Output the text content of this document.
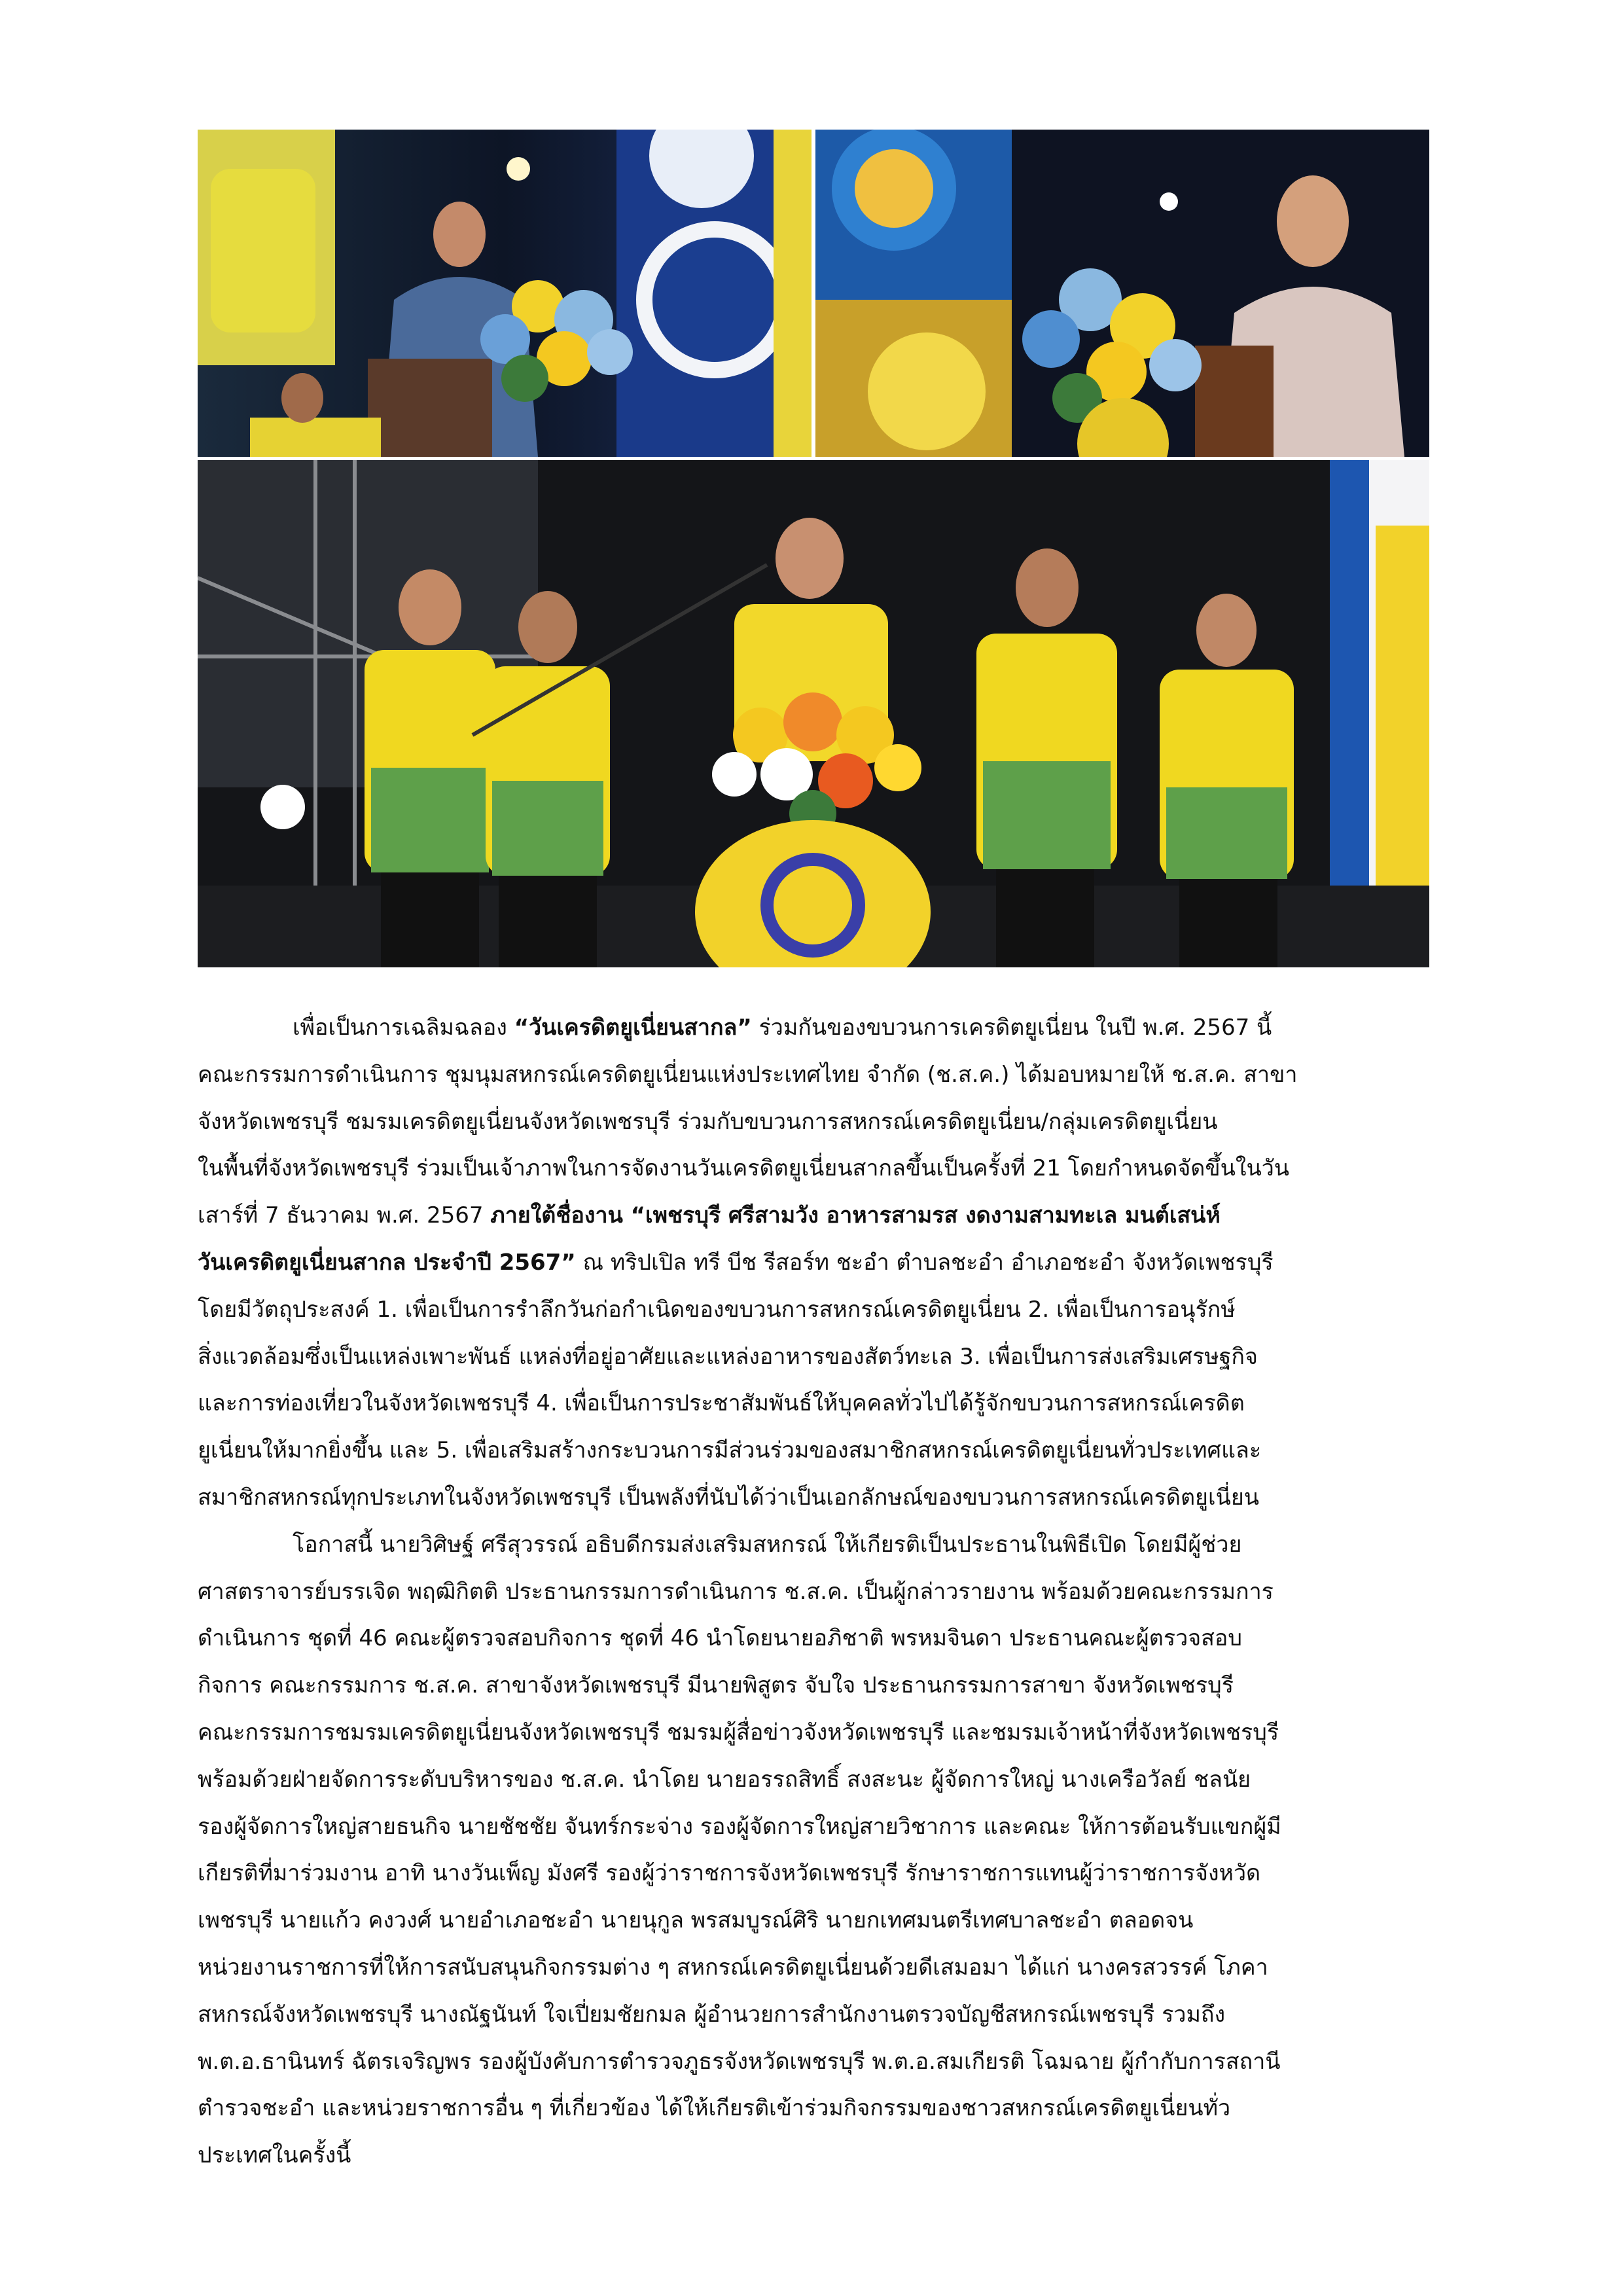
เพื่อเป็นการเฉลิมฉลอง “วันเครดิตยูเนี่ยนสากล” ร่วมกันของขบวนการเครดิตยูเนี่ยน ในปี พ.ศ. 2567 นี้
คณะกรรมการดำเนินการ ชุมนุมสหกรณ์เครดิตยูเนี่ยนแห่งประเทศไทย จำกัด (ช.ส.ค.) ได้มอบหมายให้ ช.ส.ค. สาขา
จังหวัดเพชรบุรี ชมรมเครดิตยูเนี่ยนจังหวัดเพชรบุรี ร่วมกับขบวนการสหกรณ์เครดิตยูเนี่ยน/กลุ่มเครดิตยูเนี่ยน
ในพื้นที่จังหวัดเพชรบุรี ร่วมเป็นเจ้าภาพในการจัดงานวันเครดิตยูเนี่ยนสากลขึ้นเป็นครั้งที่ 21 โดยกำหนดจัดขึ้นในวัน
เสาร์ที่ 7 ธันวาคม พ.ศ. 2567 ภายใต้ชื่องาน “เพชรบุรี ศรีสามวัง อาหารสามรส งดงามสามทะเล มนต์เสน่ห์
วันเครดิตยูเนี่ยนสากล ประจำปี 2567” ณ ทริปเปิล ทรี บีช รีสอร์ท ชะอำ ตำบลชะอำ อำเภอชะอำ จังหวัดเพชรบุรี
โดยมีวัตถุประสงค์ 1. เพื่อเป็นการรำลึกวันก่อกำเนิดของขบวนการสหกรณ์เครดิตยูเนี่ยน 2. เพื่อเป็นการอนุรักษ์
สิ่งแวดล้อมซึ่งเป็นแหล่งเพาะพันธ์ แหล่งที่อยู่อาศัยและแหล่งอาหารของสัตว์ทะเล 3. เพื่อเป็นการส่งเสริมเศรษฐกิจ
และการท่องเที่ยวในจังหวัดเพชรบุรี 4. เพื่อเป็นการประชาสัมพันธ์ให้บุคคลทั่วไปได้รู้จักขบวนการสหกรณ์เครดิต
ยูเนี่ยนให้มากยิ่งขึ้น และ 5. เพื่อเสริมสร้างกระบวนการมีส่วนร่วมของสมาชิกสหกรณ์เครดิตยูเนี่ยนทั่วประเทศและ
สมาชิกสหกรณ์ทุกประเภทในจังหวัดเพชรบุรี เป็นพลังที่นับได้ว่าเป็นเอกลักษณ์ของขบวนการสหกรณ์เครดิตยูเนี่ยน

โอกาสนี้ นายวิศิษฐ์ ศรีสุวรรณ์ อธิบดีกรมส่งเสริมสหกรณ์ ให้เกียรติเป็นประธานในพิธีเปิด โดยมีผู้ช่วย
ศาสตราจารย์บรรเจิด พฤฒิกิตติ ประธานกรรมการดำเนินการ ช.ส.ค. เป็นผู้กล่าวรายงาน พร้อมด้วยคณะกรรมการ
ดำเนินการ ชุดที่ 46 คณะผู้ตรวจสอบกิจการ ชุดที่ 46 นำโดยนายอภิชาติ พรหมจินดา ประธานคณะผู้ตรวจสอบ
กิจการ คณะกรรมการ ช.ส.ค. สาขาจังหวัดเพชรบุรี มีนายพิสูตร จับใจ ประธานกรรมการสาขา จังหวัดเพชรบุรี
คณะกรรมการชมรมเครดิตยูเนี่ยนจังหวัดเพชรบุรี ชมรมผู้สื่อข่าวจังหวัดเพชรบุรี และชมรมเจ้าหน้าที่จังหวัดเพชรบุรี
พร้อมด้วยฝ่ายจัดการระดับบริหารของ ช.ส.ค. นำโดย นายอรรถสิทธิ์ สงสะนะ ผู้จัดการใหญ่ นางเครือวัลย์ ชลนัย
รองผู้จัดการใหญ่สายธนกิจ นายชัชชัย จันทร์กระจ่าง รองผู้จัดการใหญ่สายวิชาการ และคณะ ให้การต้อนรับแขกผู้มี
เกียรติที่มาร่วมงาน อาทิ นางวันเพ็ญ มังศรี รองผู้ว่าราชการจังหวัดเพชรบุรี รักษาราชการแทนผู้ว่าราชการจังหวัด
เพชรบุรี นายแก้ว คงวงศ์ นายอำเภอชะอำ นายนุกูล พรสมบูรณ์ศิริ นายกเทศมนตรีเทศบาลชะอำ ตลอดจน
หน่วยงานราชการที่ให้การสนับสนุนกิจกรรมต่าง ๆ สหกรณ์เครดิตยูเนี่ยนด้วยดีเสมอมา ได้แก่ นางครสวรรค์ โภคา
สหกรณ์จังหวัดเพชรบุรี นางณัฐนันท์ ใจเปี่ยมชัยกมล ผู้อำนวยการสำนักงานตรวจบัญชีสหกรณ์เพชรบุรี รวมถึง
พ.ต.อ.ธานินทร์ ฉัตรเจริญพร รองผู้บังคับการตำรวจภูธรจังหวัดเพชรบุรี พ.ต.อ.สมเกียรติ โฉมฉาย ผู้กำกับการสถานี
ตำรวจชะอำ และหน่วยราชการอื่น ๆ ที่เกี่ยวข้อง ได้ให้เกียรติเข้าร่วมกิจกรรมของชาวสหกรณ์เครดิตยูเนี่ยนทั่ว
ประเทศในครั้งนี้
